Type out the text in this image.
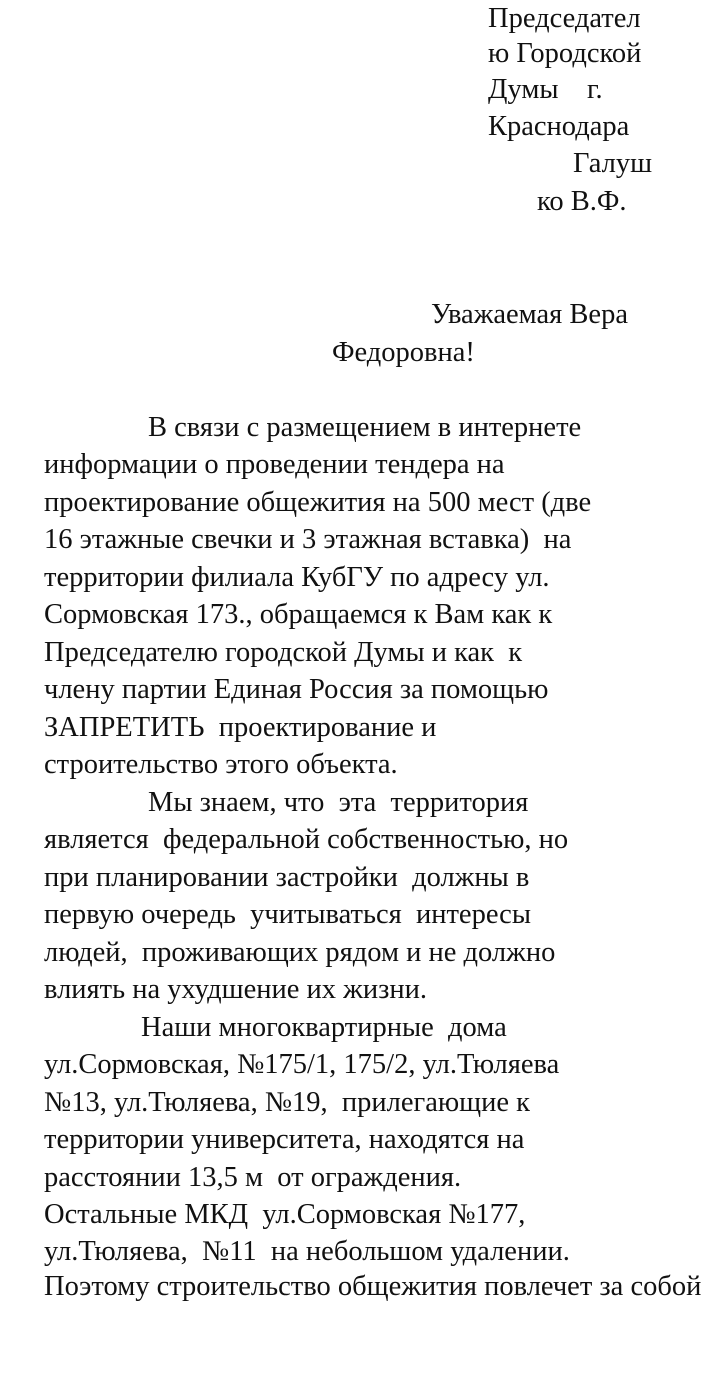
Председател
ю Городской
Думы    г.
Краснодара
Галуш
ко В.Ф.
Уважаемая Вера
Федоровна!
В связи с размещением в интернете
информации о проведении тендера на
проектирование общежития на 500 мест (две
16 этажные свечки и 3 этажная вставка)  на
территории филиала КубГУ по адресу ул.
Сормовская 173., обращаемся к Вам как к
Председателю городской Думы и как  к
члену партии Единая Россия за помощью
ЗАПРЕТИТЬ  проектирование и
строительство этого объекта.
Мы знаем, что  эта  территория
является  федеральной собственностью, но
при планировании застройки  должны в
первую очередь  учитываться  интересы
людей,  проживающих рядом и не должно
влиять на ухудшение их жизни.
Наши многоквартирные  дома
ул.Сормовская, №175/1, 175/2, ул.Тюляева
№13, ул.Тюляева, №19,  прилегающие к
территории университета, находятся на
расстоянии 13,5 м  от ограждения.
Остальные МКД  ул.Сормовская №177,
ул.Тюляева,  №11  на небольшом удалении.

Поэтому строительство общежития повлечет за собой
